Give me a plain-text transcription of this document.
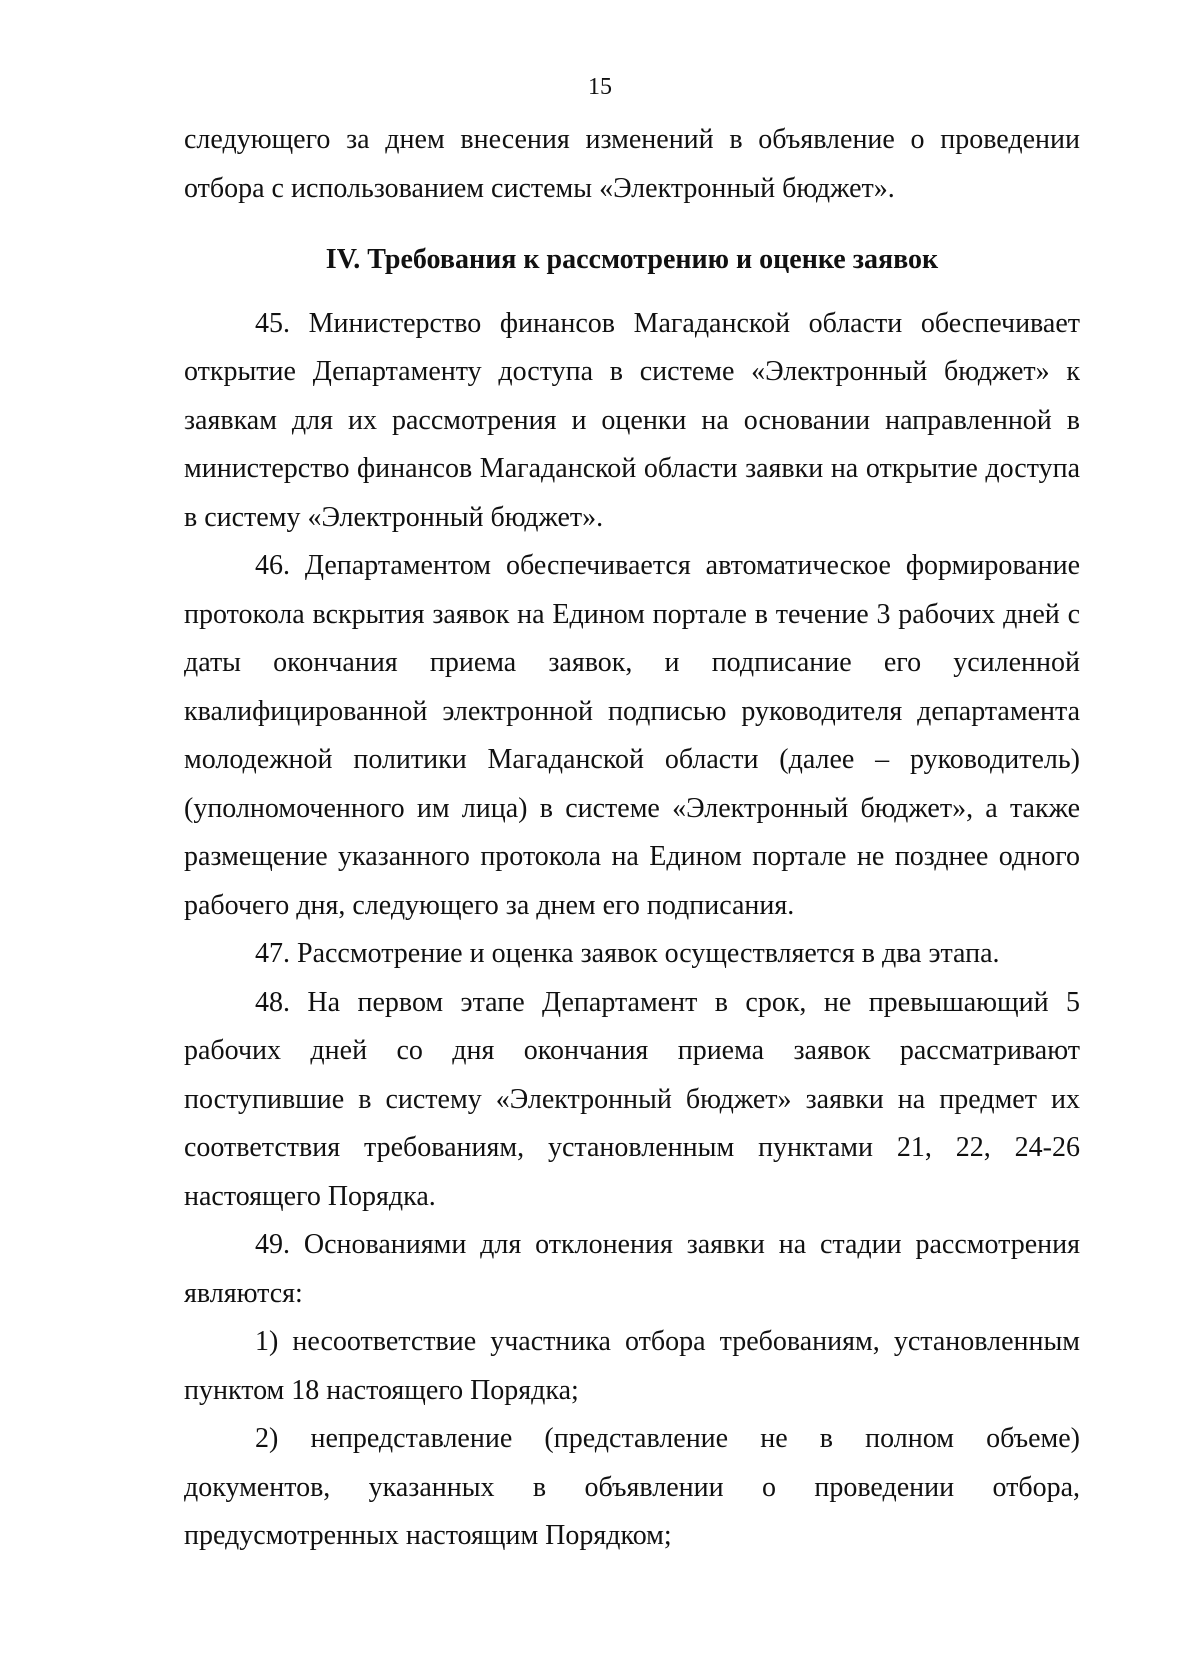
15

следующего за днем внесения изменений в объявление о проведении отбора с использованием системы «Электронный бюджет».

IV. Требования к рассмотрению и оценке заявок

45. Министерство финансов Магаданской области обеспечивает открытие Департаменту доступа в системе «Электронный бюджет» к заявкам для их рассмотрения и оценки на основании направленной в министерство финансов Магаданской области заявки на открытие доступа в систему «Электронный бюджет».

46. Департаментом обеспечивается автоматическое формирование протокола вскрытия заявок на Едином портале в течение 3 рабочих дней с даты окончания приема заявок, и подписание его усиленной квалифицированной электронной подписью руководителя департамента молодежной политики Магаданской области (далее – руководитель) (уполномоченного им лица) в системе «Электронный бюджет», а также размещение указанного протокола на Едином портале не позднее одного рабочего дня, следующего за днем его подписания.

47. Рассмотрение и оценка заявок осуществляется в два этапа.

48. На первом этапе Департамент в срок, не превышающий 5 рабочих дней со дня окончания приема заявок рассматривают поступившие в систему «Электронный бюджет» заявки на предмет их соответствия требованиям, установленным пунктами 21, 22, 24-26 настоящего Порядка.

49. Основаниями для отклонения заявки на стадии рассмотрения являются:

1) несоответствие участника отбора требованиям, установленным пунктом 18 настоящего Порядка;

2) непредставление (представление не в полном объеме) документов, указанных в объявлении о проведении отбора, предусмотренных настоящим Порядком;
